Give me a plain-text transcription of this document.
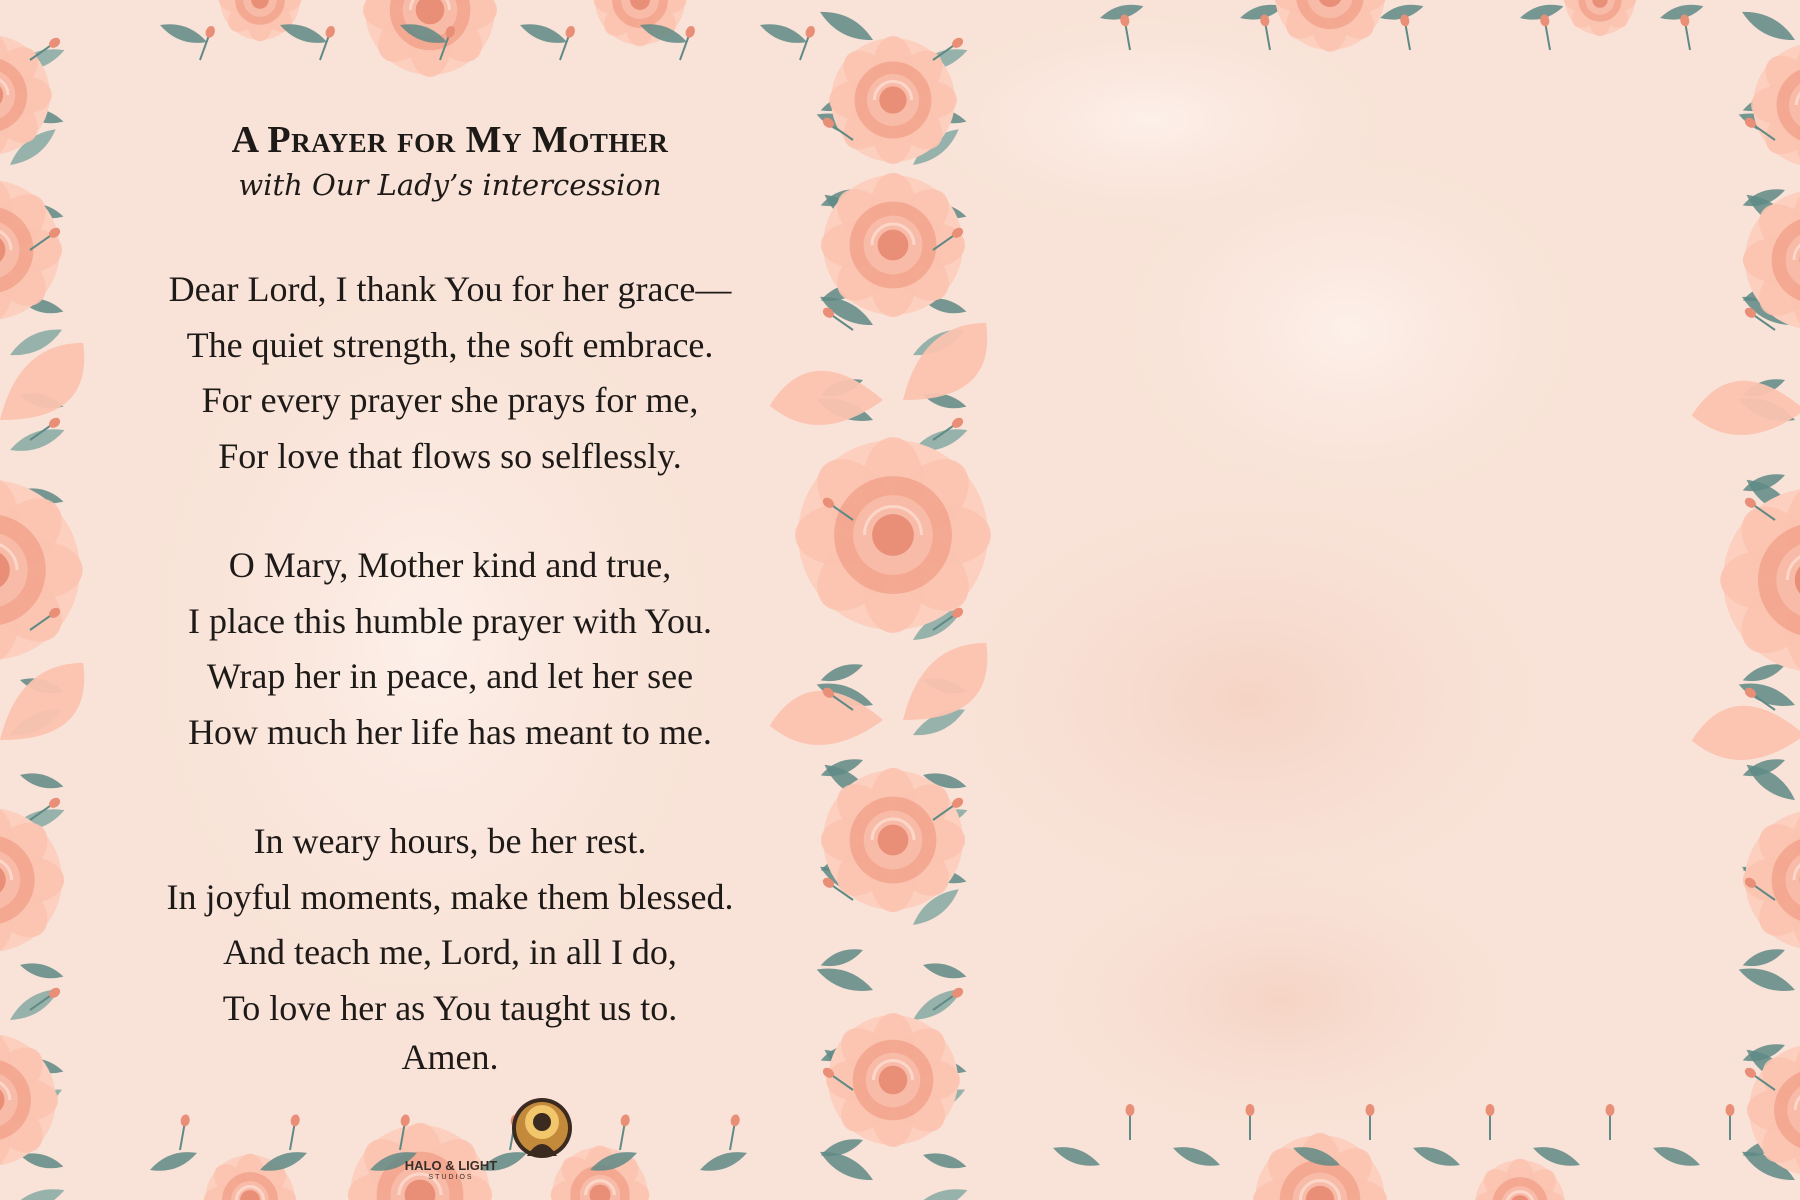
A Prayer for My Mother
with Our Lady’s intercession
Dear Lord, I thank You for her grace—
The quiet strength, the soft embrace.
For every prayer she prays for me,
For love that flows so selflessly.
O Mary, Mother kind and true,
I place this humble prayer with You.
Wrap her in peace, and let her see
How much her life has meant to me.
In weary hours, be her rest.
In joyful moments, make them blessed.
And teach me, Lord, in all I do,
To love her as You taught us to.
Amen.
HALO & LIGHT
STUDIOS
